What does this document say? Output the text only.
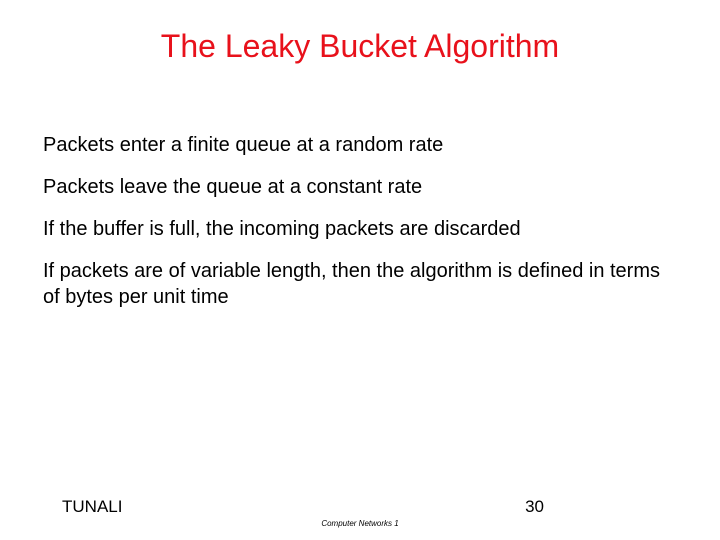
The Leaky Bucket Algorithm
Packets enter a finite queue at a random rate
Packets leave the queue at a constant rate
If the buffer is full, the incoming packets are discarded
If packets are of variable length, then the algorithm is defined in terms of bytes per unit time
TUNALI
Computer Networks 1
30
